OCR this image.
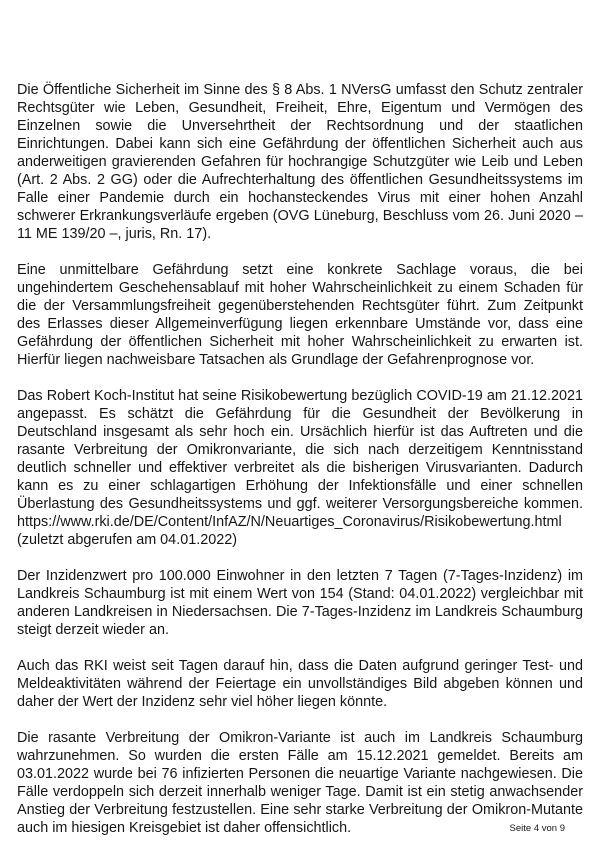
Die Öffentliche Sicherheit im Sinne des § 8 Abs. 1 NVersG umfasst den Schutz zentraler Rechtsgüter wie Leben, Gesundheit, Freiheit, Ehre, Eigentum und Vermögen des Einzelnen sowie die Unversehrtheit der Rechtsordnung und der staatlichen Einrichtungen. Dabei kann sich eine Gefährdung der öffentlichen Sicherheit auch aus anderweitigen gravierenden Gefahren für hochrangige Schutzgüter wie Leib und Leben (Art. 2 Abs. 2 GG) oder die Aufrechterhaltung des öffentlichen Gesundheitssystems im Falle einer Pandemie durch ein hochansteckendes Virus mit einer hohen Anzahl schwerer Erkrankungsverläufe ergeben (OVG Lüneburg, Beschluss vom 26. Juni 2020 – 11 ME 139/20 –, juris, Rn. 17).

Eine unmittelbare Gefährdung setzt eine konkrete Sachlage voraus, die bei ungehindertem Geschehensablauf mit hoher Wahrscheinlichkeit zu einem Schaden für die der Versammlungsfreiheit gegenüberstehenden Rechtsgüter führt. Zum Zeitpunkt des Erlasses dieser Allgemeinverfügung liegen erkennbare Umstände vor, dass eine Gefährdung der öffentlichen Sicherheit mit hoher Wahrscheinlichkeit zu erwarten ist. Hierfür liegen nachweisbare Tatsachen als Grundlage der Gefahrenprognose vor.

Das Robert Koch-Institut hat seine Risikobewertung bezüglich COVID-19 am 21.12.2021 angepasst. Es schätzt die Gefährdung für die Gesundheit der Bevölkerung in Deutschland insgesamt als sehr hoch ein. Ursächlich hierfür ist das Auftreten und die rasante Verbreitung der Omikronvariante, die sich nach derzeitigem Kenntnisstand deutlich schneller und effektiver verbreitet als die bisherigen Virusvarianten. Dadurch kann es zu einer schlagartigen Erhöhung der Infektionsfälle und einer schnellen Überlastung des Gesundheitssystems und ggf. weiterer Versorgungsbereiche kommen. https://www.rki.de/DE/Content/InfAZ/N/Neuartiges_Coronavirus/Risikobewertung.html (zuletzt abgerufen am 04.01.2022)

Der Inzidenzwert pro 100.000 Einwohner in den letzten 7 Tagen (7-Tages-Inzidenz) im Landkreis Schaumburg ist mit einem Wert von 154 (Stand: 04.01.2022) vergleichbar mit anderen Landkreisen in Niedersachsen. Die 7-Tages-Inzidenz im Landkreis Schaumburg steigt derzeit wieder an.

Auch das RKI weist seit Tagen darauf hin, dass die Daten aufgrund geringer Test- und Meldeaktivitäten während der Feiertage ein unvollständiges Bild abgeben können und daher der Wert der Inzidenz sehr viel höher liegen könnte.

Die rasante Verbreitung der Omikron-Variante ist auch im Landkreis Schaumburg wahrzunehmen. So wurden die ersten Fälle am 15.12.2021 gemeldet. Bereits am 03.01.2022 wurde bei 76 infizierten Personen die neuartige Variante nachgewiesen. Die Fälle verdoppeln sich derzeit innerhalb weniger Tage. Damit ist ein stetig anwachsender Anstieg der Verbreitung festzustellen. Eine sehr starke Verbreitung der Omikron-Mutante auch im hiesigen Kreisgebiet ist daher offensichtlich.	Seite 4 von 9
